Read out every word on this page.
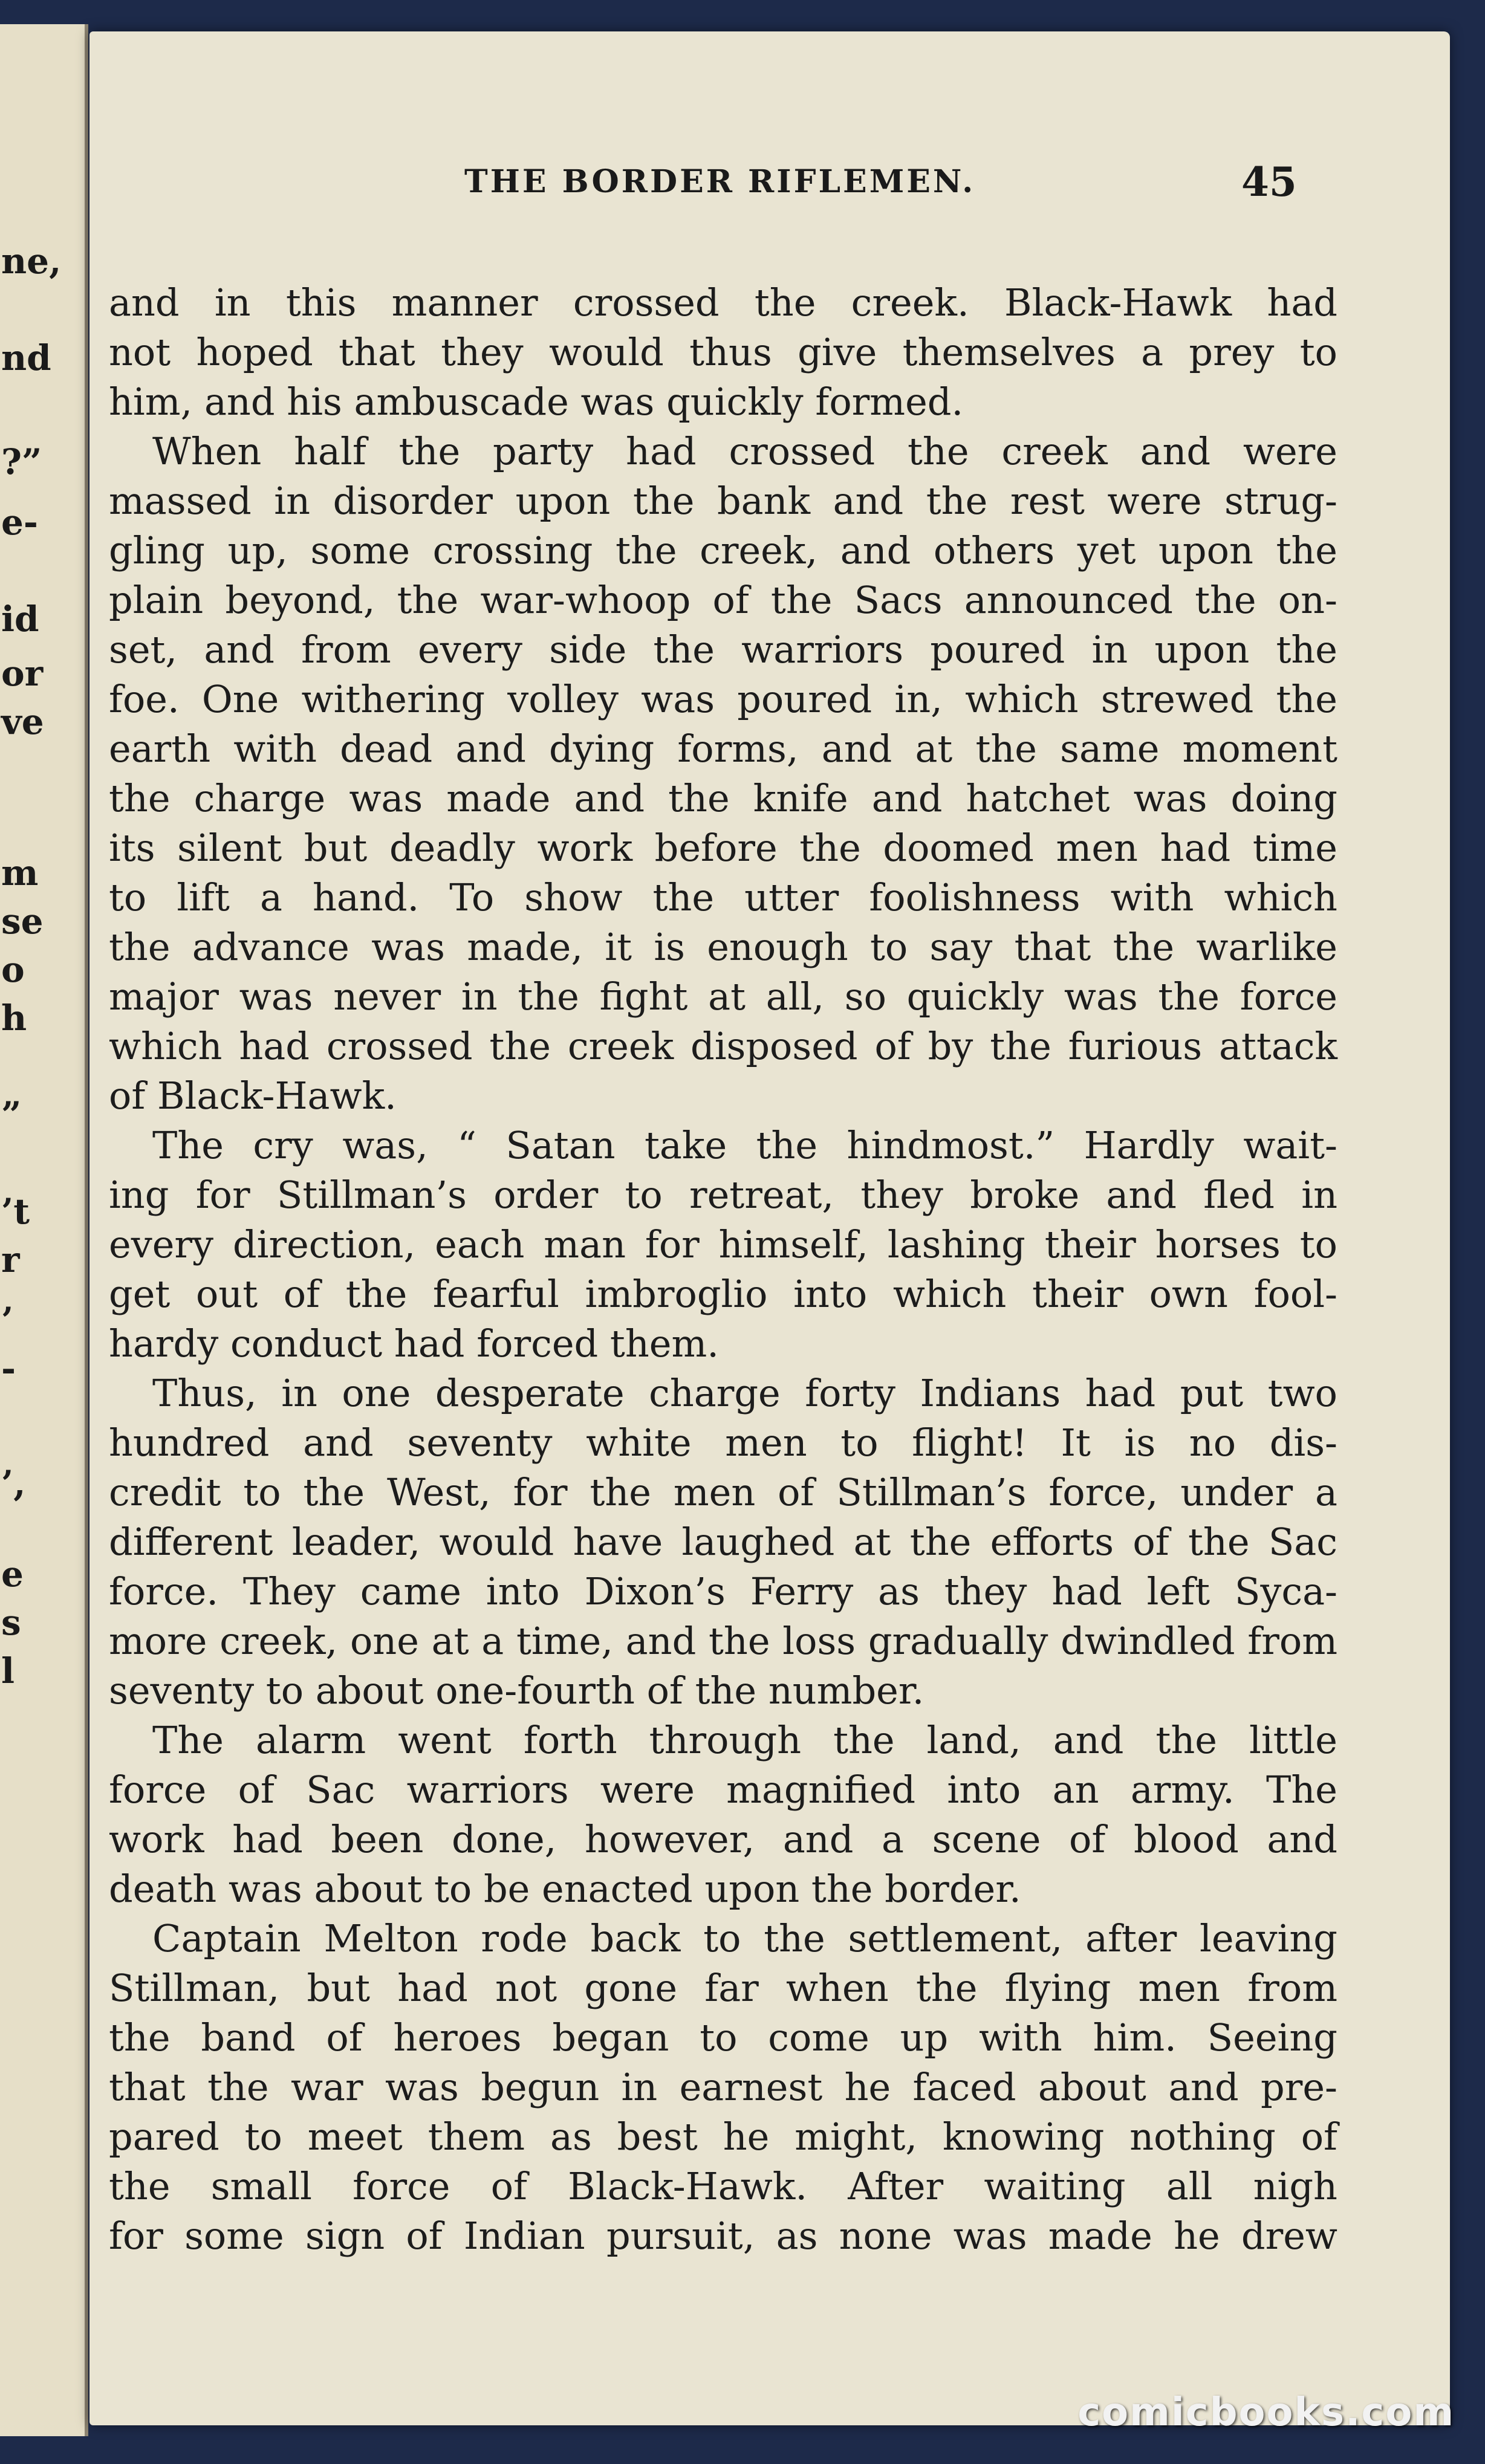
ne,
nd
?”
e-
id
or
ve
m
se
o
h
”
’t
r
’
-
’,
e
s
l
THE BORDER RIFLEMEN.	45
and in this manner crossed the creek. Black-Hawk had
not hoped that they would thus give themselves a prey to
him, and his ambuscade was quickly formed.
When half the party had crossed the creek and were
massed in disorder upon the bank and the rest were strug-
gling up, some crossing the creek, and others yet upon the
plain beyond, the war-whoop of the Sacs announced the on-
set, and from every side the warriors poured in upon the
foe. One withering volley was poured in, which strewed the
earth with dead and dying forms, and at the same moment
the charge was made and the knife and hatchet was doing
its silent but deadly work before the doomed men had time
to lift a hand. To show the utter foolishness with which
the advance was made, it is enough to say that the warlike
major was never in the fight at all, so quickly was the force
which had crossed the creek disposed of by the furious attack
of Black-Hawk.
The cry was, “ Satan take the hindmost.” Hardly wait-
ing for Stillman’s order to retreat, they broke and fled in
every direction, each man for himself, lashing their horses to
get out of the fearful imbroglio into which their own fool-
hardy conduct had forced them.
Thus, in one desperate charge forty Indians had put two
hundred and seventy white men to flight! It is no dis-
credit to the West, for the men of Stillman’s force, under a
different leader, would have laughed at the efforts of the Sac
force. They came into Dixon’s Ferry as they had left Syca-
more creek, one at a time, and the loss gradually dwindled from
seventy to about one-fourth of the number.
The alarm went forth through the land, and the little
force of Sac warriors were magnified into an army. The
work had been done, however, and a scene of blood and
death was about to be enacted upon the border.
Captain Melton rode back to the settlement, after leaving
Stillman, but had not gone far when the flying men from
the band of heroes began to come up with him. Seeing
that the war was begun in earnest he faced about and pre-
pared to meet them as best he might, knowing nothing of
the small force of Black-Hawk. After waiting all nigh
for some sign of Indian pursuit, as none was made he drew
comicbooks.com
